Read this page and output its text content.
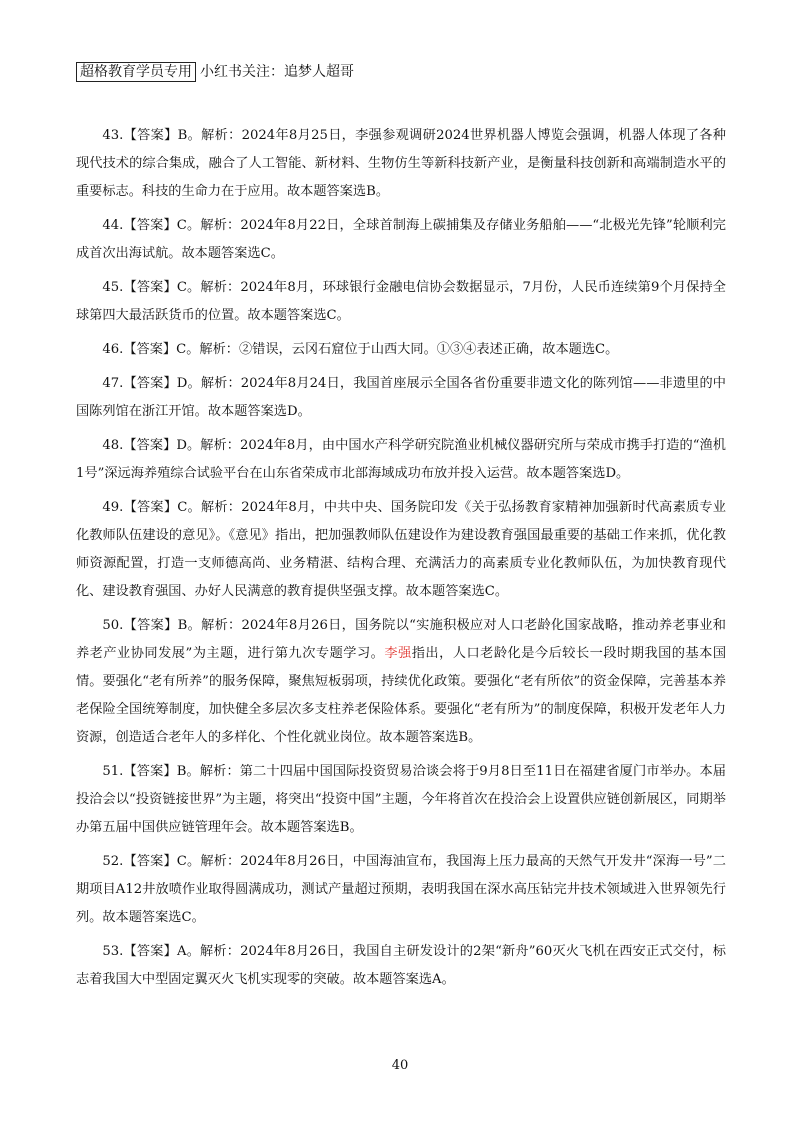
超格教育学员专用 小红书关注：追梦人超哥

43.【答案】B。解析：2024年8月25日，李强参观调研2024世界机器人博览会强调，机器人体现了各种现代技术的综合集成，融合了人工智能、新材料、生物仿生等新科技新产业，是衡量科技创新和高端制造水平的重要标志。科技的生命力在于应用。故本题答案选B。

44.【答案】C。解析：2024年8月22日，全球首制海上碳捕集及存储业务船舶——“北极光先锋”轮顺利完成首次出海试航。故本题答案选C。

45.【答案】C。解析：2024年8月，环球银行金融电信协会数据显示，7月份，人民币连续第9个月保持全球第四大最活跃货币的位置。故本题答案选C。

46.【答案】C。解析：②错误，云冈石窟位于山西大同。①③④表述正确，故本题选C。

47.【答案】D。解析：2024年8月24日，我国首座展示全国各省份重要非遗文化的陈列馆——非遗里的中国陈列馆在浙江开馆。故本题答案选D。

48.【答案】D。解析：2024年8月，由中国水产科学研究院渔业机械仪器研究所与荣成市携手打造的“渔机1号”深远海养殖综合试验平台在山东省荣成市北部海域成功布放并投入运营。故本题答案选D。

49.【答案】C。解析：2024年8月，中共中央、国务院印发《关于弘扬教育家精神加强新时代高素质专业化教师队伍建设的意见》。《意见》指出，把加强教师队伍建设作为建设教育强国最重要的基础工作来抓，优化教师资源配置，打造一支师德高尚、业务精湛、结构合理、充满活力的高素质专业化教师队伍，为加快教育现代化、建设教育强国、办好人民满意的教育提供坚强支撑。故本题答案选C。

50.【答案】B。解析：2024年8月26日，国务院以“实施积极应对人口老龄化国家战略，推动养老事业和养老产业协同发展”为主题，进行第九次专题学习。李强指出，人口老龄化是今后较长一段时期我国的基本国情。要强化“老有所养”的服务保障，聚焦短板弱项，持续优化政策。要强化“老有所依”的资金保障，完善基本养老保险全国统筹制度，加快健全多层次多支柱养老保险体系。要强化“老有所为”的制度保障，积极开发老年人力资源，创造适合老年人的多样化、个性化就业岗位。故本题答案选B。

51.【答案】B。解析：第二十四届中国国际投资贸易洽谈会将于9月8日至11日在福建省厦门市举办。本届投洽会以“投资链接世界”为主题，将突出“投资中国”主题，今年将首次在投洽会上设置供应链创新展区，同期举办第五届中国供应链管理年会。故本题答案选B。

52.【答案】C。解析：2024年8月26日，中国海油宣布，我国海上压力最高的天然气开发井“深海一号”二期项目A12井放喷作业取得圆满成功，测试产量超过预期，表明我国在深水高压钻完井技术领域进入世界领先行列。故本题答案选C。

53.【答案】A。解析：2024年8月26日，我国自主研发设计的2架“新舟”60灭火飞机在西安正式交付，标志着我国大中型固定翼灭火飞机实现零的突破。故本题答案选A。

40
